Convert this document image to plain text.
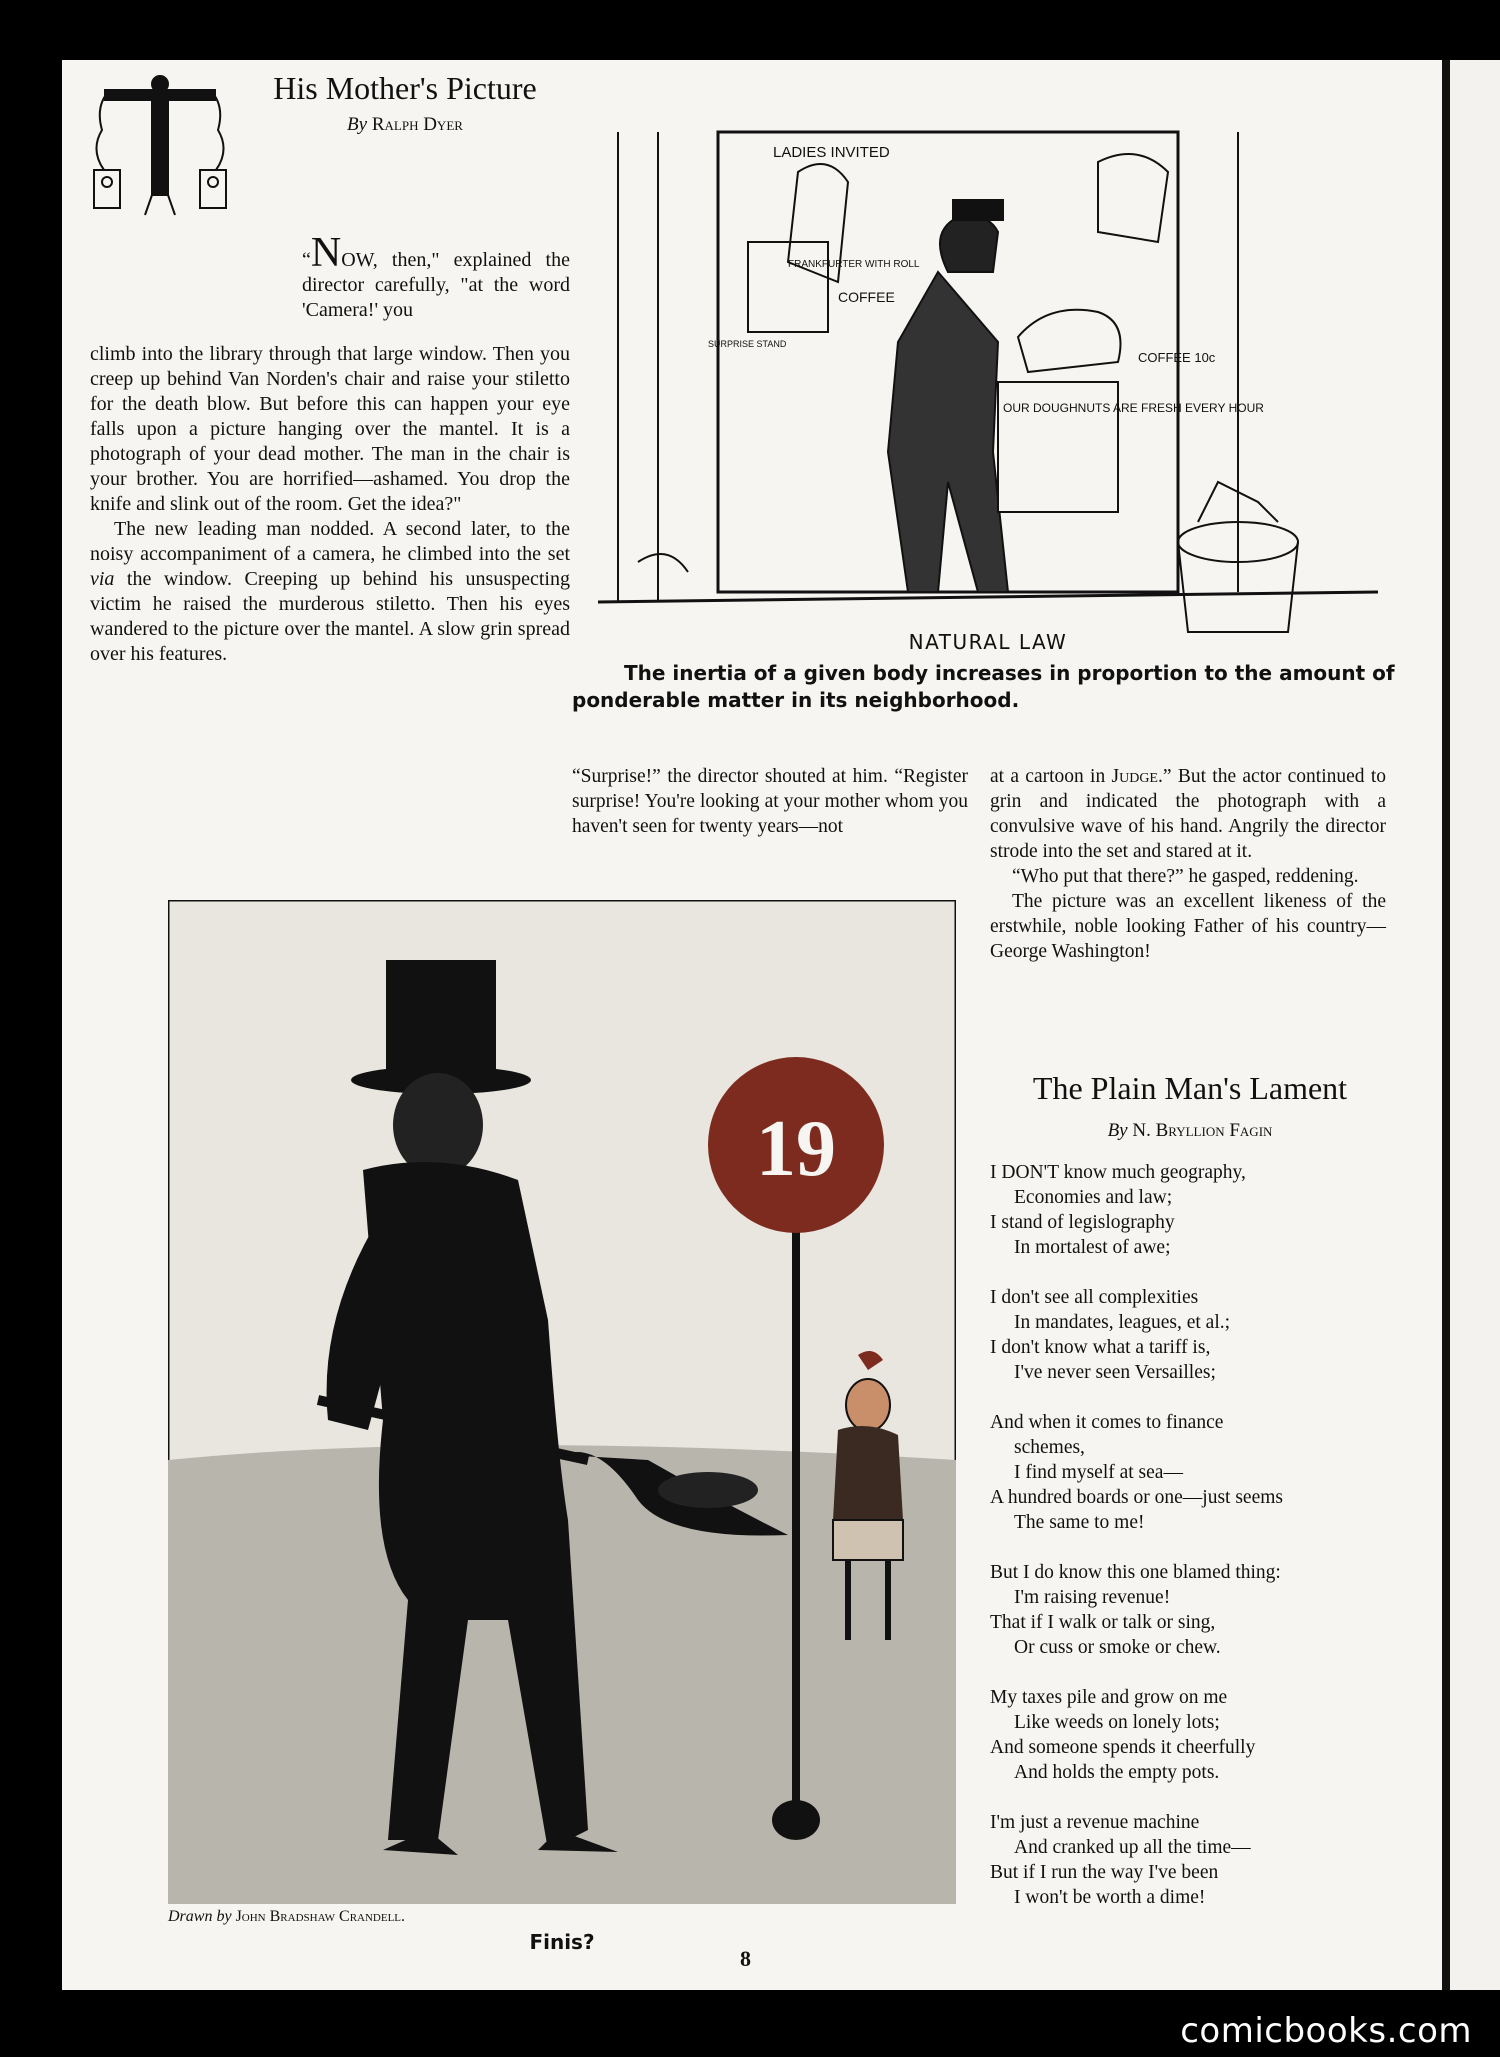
His Mother's Picture
By Ralph Dyer
“NOW, then," explained the director carefully, "at the word 'Camera!' you

climb into the library through that large window. Then you creep up behind Van Norden's chair and raise your stiletto for the death blow. But before this can happen your eye falls upon a picture hanging over the mantel. It is a photograph of your dead mother. The man in the chair is your brother. You are horrified—ashamed. You drop the knife and slink out of the room. Get the idea?"

The new leading man nodded. A second later, to the noisy accompaniment of a camera, he climbed into the set via the window. Creeping up behind his unsuspecting victim he raised the murderous stiletto. Then his eyes wandered to the picture over the mantel. A slow grin spread over his features.

LADIES INVITED
FRANKFURTER WITH ROLL
COFFEE
SURPRISE STAND
OUR DOUGHNUTS ARE FRESH EVERY HOUR
COFFEE 10c
NATURAL LAW
The inertia of a given body increases in proportion to the amount of ponderable matter in its neighborhood.
“Surprise!” the director shouted at him. “Register surprise! You're looking at your mother whom you haven't seen for twenty years—not

at a cartoon in Judge.” But the actor continued to grin and indicated the photograph with a convulsive wave of his hand. Angrily the director strode into the set and stared at it.

“Who put that there?” he gasped, reddening.

The picture was an excellent likeness of the erstwhile, noble looking Father of his country—George Washington!

19
Drawn by John Bradshaw Crandell.
Finis?
8
The Plain Man's Lament
By N. Bryllion Fagin
I DON'T know much geography,
Economies and law;
I stand of legislography
In mortalest of awe;
I don't see all complexities
In mandates, leagues, et al.;
I don't know what a tariff is,
I've never seen Versailles;
And when it comes to finance
schemes,
I find myself at sea—
A hundred boards or one—just seems
The same to me!
But I do know this one blamed thing:
I'm raising revenue!
That if I walk or talk or sing,
Or cuss or smoke or chew.
My taxes pile and grow on me
Like weeds on lonely lots;
And someone spends it cheerfully
And holds the empty pots.
I'm just a revenue machine
And cranked up all the time—
But if I run the way I've been
I won't be worth a dime!
comicbooks.com
